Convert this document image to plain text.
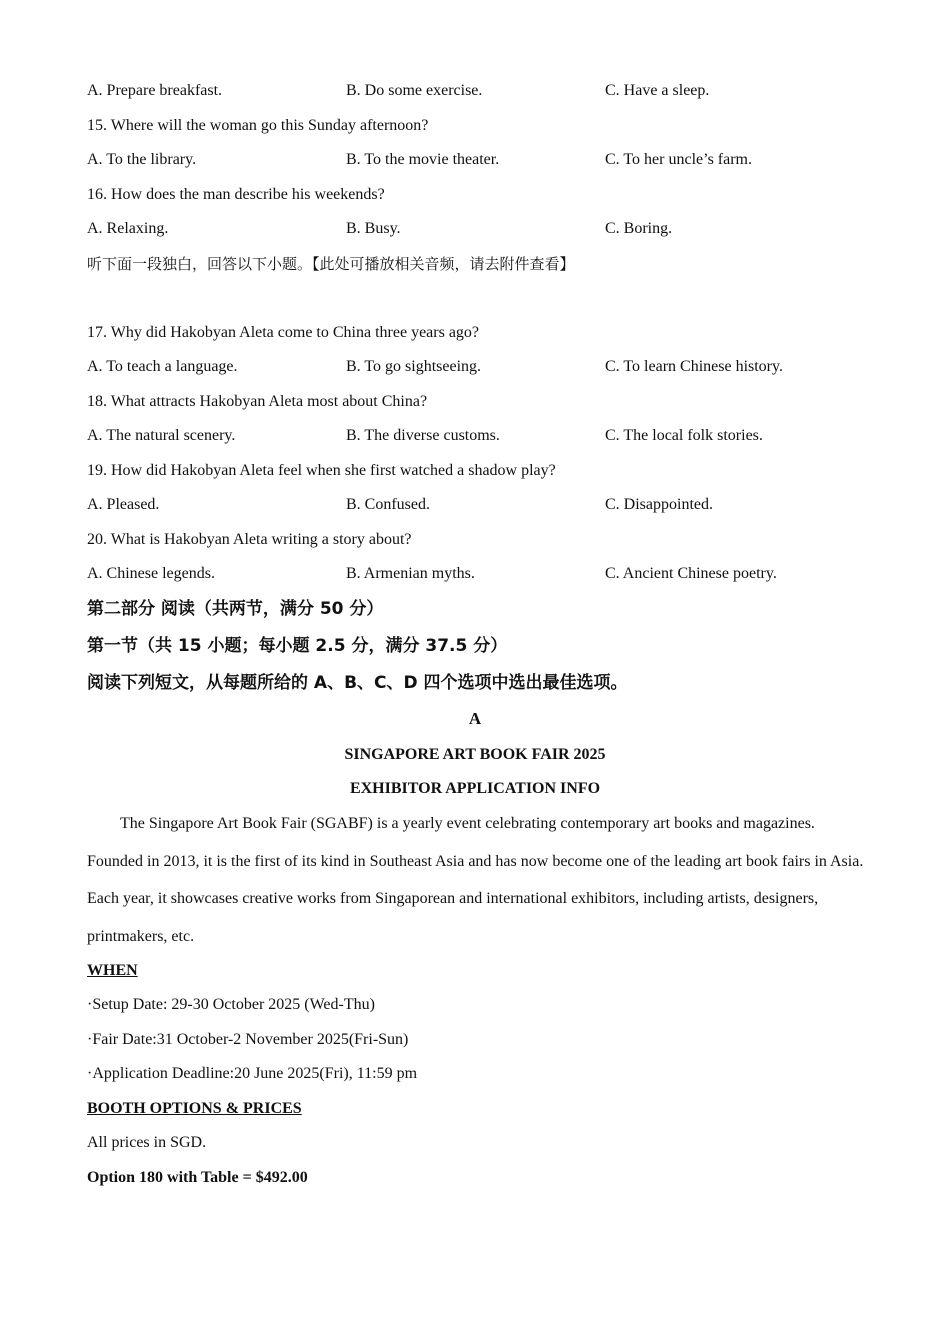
A. Prepare breakfast.	B. Do some exercise.	C. Have a sleep.
15. Where will the woman go this Sunday afternoon?
A. To the library.	B. To the movie theater.	C. To her uncle’s farm.
16. How does the man describe his weekends?
A. Relaxing.	B. Busy.	C. Boring.
听下面一段独白，回答以下小题。【此处可播放相关音频，请去附件查看】
17. Why did Hakobyan Aleta come to China three years ago?
A. To teach a language.	B. To go sightseeing.	C. To learn Chinese history.
18. What attracts Hakobyan Aleta most about China?
A. The natural scenery.	B. The diverse customs.	C. The local folk stories.
19. How did Hakobyan Aleta feel when she first watched a shadow play?
A. Pleased.	B. Confused.	C. Disappointed.
20. What is Hakobyan Aleta writing a story about?
A. Chinese legends.	B. Armenian myths.	C. Ancient Chinese poetry.
第二部分 阅读（共两节，满分 50 分）
第一节（共 15 小题；每小题 2.5 分，满分 37.5 分）
阅读下列短文，从每题所给的 A、B、C、D 四个选项中选出最佳选项。
A
SINGAPORE ART BOOK FAIR 2025
EXHIBITOR APPLICATION INFO
The Singapore Art Book Fair (SGABF) is a yearly event celebrating contemporary art books and magazines. Founded in 2013, it is the first of its kind in Southeast Asia and has now become one of the leading art book fairs in Asia. Each year, it showcases creative works from Singaporean and international exhibitors, including artists, designers, printmakers, etc.
WHEN
·Setup Date: 29-30 October 2025 (Wed-Thu)
·Fair Date:31 October-2 November 2025(Fri-Sun)
·Application Deadline:20 June 2025(Fri), 11:59 pm
BOOTH OPTIONS & PRICES
All prices in SGD.
Option 180 with Table = $492.00
